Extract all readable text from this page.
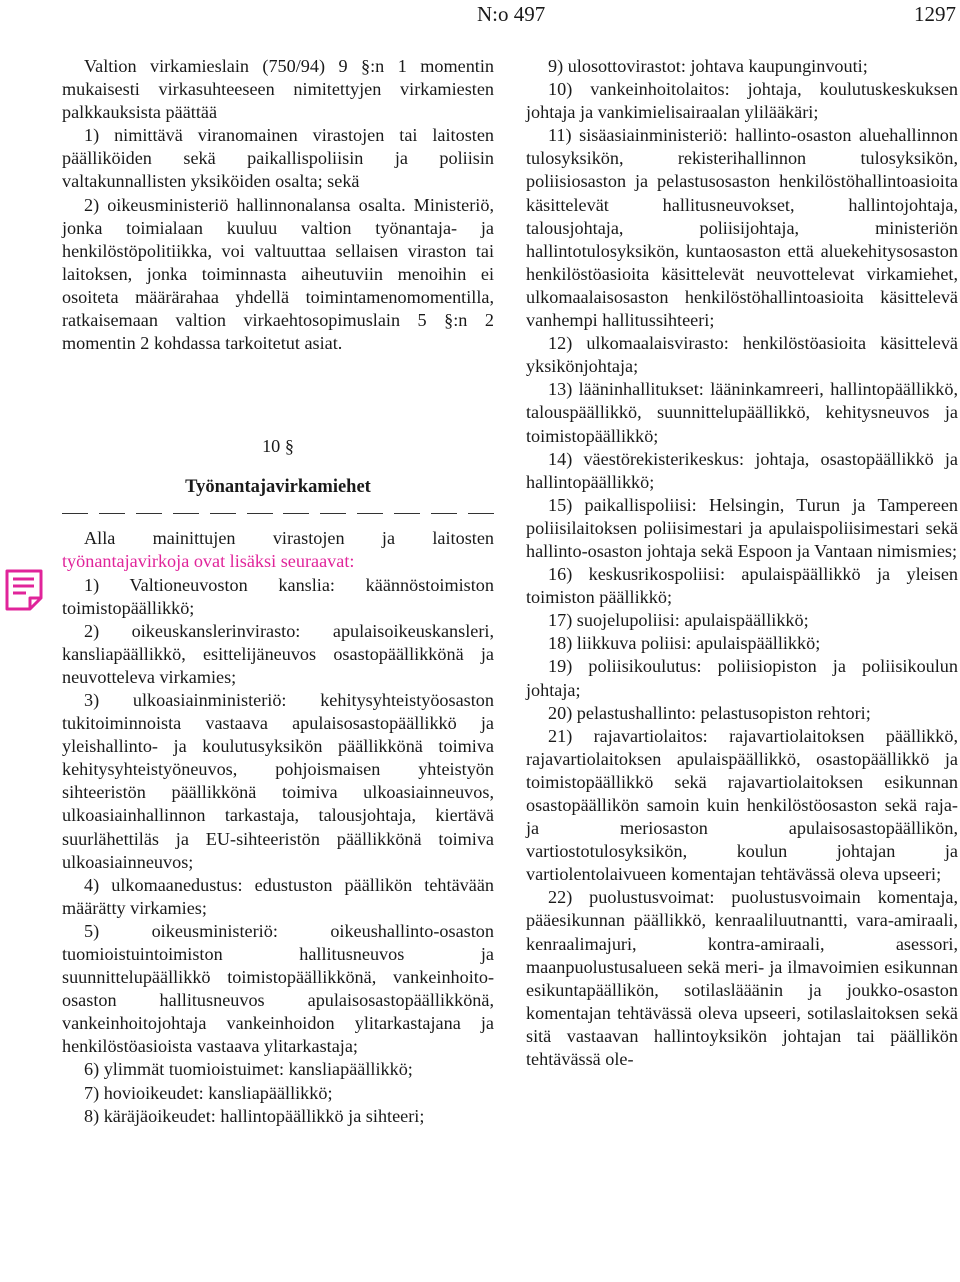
N:o 497	1297

Valtion virkamieslain (750/94) 9 §:n 1 momentin mukaisesti virkasuhteeseen nimitettyjen virkamiesten palkkauksista päättää

1) nimittävä viranomainen virastojen tai laitosten päälliköiden sekä paikallispoliisin ja poliisin valtakunnallisten yksiköiden osalta; sekä

2) oikeusministeriö hallinnonalansa osalta. Ministeriö, jonka toimialaan kuuluu valtion työnantaja- ja henkilöstöpolitiikka, voi valtuuttaa sellaisen viraston tai laitoksen, jonka toiminnasta aiheutuviin menoihin ei osoiteta määrärahaa yhdellä toimintamenomomentilla, ratkaisemaan valtion virkaehtosopimuslain 5 §:n 2 momentin 2 kohdassa tarkoitetut asiat.

10 §
Työnantajavirkamiehet

Alla mainittujen virastojen ja laitosten työnantajavirkoja ovat lisäksi seuraavat:

1) Valtioneuvoston kanslia: käännöstoimiston toimistopäällikkö;

2) oikeuskanslerinvirasto: apulaisoikeuskansleri, kansliapäällikkö, esittelijäneuvos osastopäällikkönä ja neuvotteleva virkamies;

3) ulkoasiainministeriö: kehitysyhteistyöosaston tukitoiminnoista vastaava apulaisosastopäällikkö ja yleishallinto- ja koulutusyksikön päällikkönä toimiva kehitysyhteistyöneuvos, pohjoismaisen yhteistyön sihteeristön päällikkönä toimiva ulkoasiainneuvos, ulkoasiainhallinnon tarkastaja, talousjohtaja, kiertävä suurlähettiläs ja EU-sihteeristön päällikkönä toimiva ulkoasiainneuvos;

4) ulkomaanedustus: edustuston päällikön tehtävään määrätty virkamies;

5) oikeusministeriö: oikeushallinto-osaston tuomioistuintoimiston hallitusneuvos ja suunnittelupäällikkö toimistopäällikkönä, vankeinhoito-osaston hallitusneuvos apulaisosastopäällikkönä, vankeinhoitojohtaja vankeinhoidon ylitarkastajana ja henkilöstöasioista vastaava ylitarkastaja;

6) ylimmät tuomioistuimet: kansliapäällikkö;

7) hovioikeudet: kansliapäällikkö;

8) käräjäoikeudet: hallintopäällikkö ja sihteeri;

9) ulosottovirastot: johtava kaupunginvouti;

10) vankeinhoitolaitos: johtaja, koulutuskeskuksen johtaja ja vankimielisairaalan ylilääkäri;

11) sisäasiainministeriö: hallinto-osaston aluehallinnon tulosyksikön, rekisterihallinnon tulosyksikön, poliisiosaston ja pelastusosaston henkilöstöhallintoasioita käsittelevät hallitusneuvokset, hallintojohtaja, talousjohtaja, poliisijohtaja, ministeriön hallintotulosyksikön, kuntaosaston että aluekehitysosaston henkilöstöasioita käsittelevät neuvottelevat virkamiehet, ulkomaalaisosaston henkilöstöhallintoasioita käsittelevä vanhempi hallitussihteeri;

12) ulkomaalaisvirasto: henkilöstöasioita käsittelevä yksikönjohtaja;

13) lääninhallitukset: lääninkamreeri, hallintopäällikkö, talouspäällikkö, suunnittelupäällikkö, kehitysneuvos ja toimistopäällikkö;

14) väestörekisterikeskus: johtaja, osastopäällikkö ja hallintopäällikkö;

15) paikallispoliisi: Helsingin, Turun ja Tampereen poliisilaitoksen poliisimestari ja apulaispoliisimestari sekä hallinto-osaston johtaja sekä Espoon ja Vantaan nimismies;

16) keskusrikospoliisi: apulaispäällikkö ja yleisen toimiston päällikkö;

17) suojelupoliisi: apulaispäällikkö;

18) liikkuva poliisi: apulaispäällikkö;

19) poliisikoulutus: poliisiopiston ja poliisikoulun johtaja;

20) pelastushallinto: pelastusopiston rehtori;

21) rajavartiolaitos: rajavartiolaitoksen päällikkö, rajavartiolaitoksen apulaispäällikkö, osastopäällikkö ja toimistopäällikkö sekä rajavartiolaitoksen esikunnan osastopäällikön samoin kuin henkilöstöosaston sekä raja- ja meriosaston apulaisosastopäällikön, vartiostotulosyksikön, koulun johtajan ja vartiolentolaivueen komentajan tehtävässä oleva upseeri;

22) puolustusvoimat: puolustusvoimain komentaja, pääesikunnan päällikkö, kenraaliluutnantti, vara-amiraali, kenraalimajuri, kontra-amiraali, asessori, maanpuolustusalueen sekä meri- ja ilmavoimien esikunnan esikuntapäällikön, sotilaslääänin ja joukko-osaston komentajan tehtävässä oleva upseeri, sotilaslaitoksen sekä sitä vastaavan hallintoyksikön johtajan tai päällikön tehtävässä ole-
